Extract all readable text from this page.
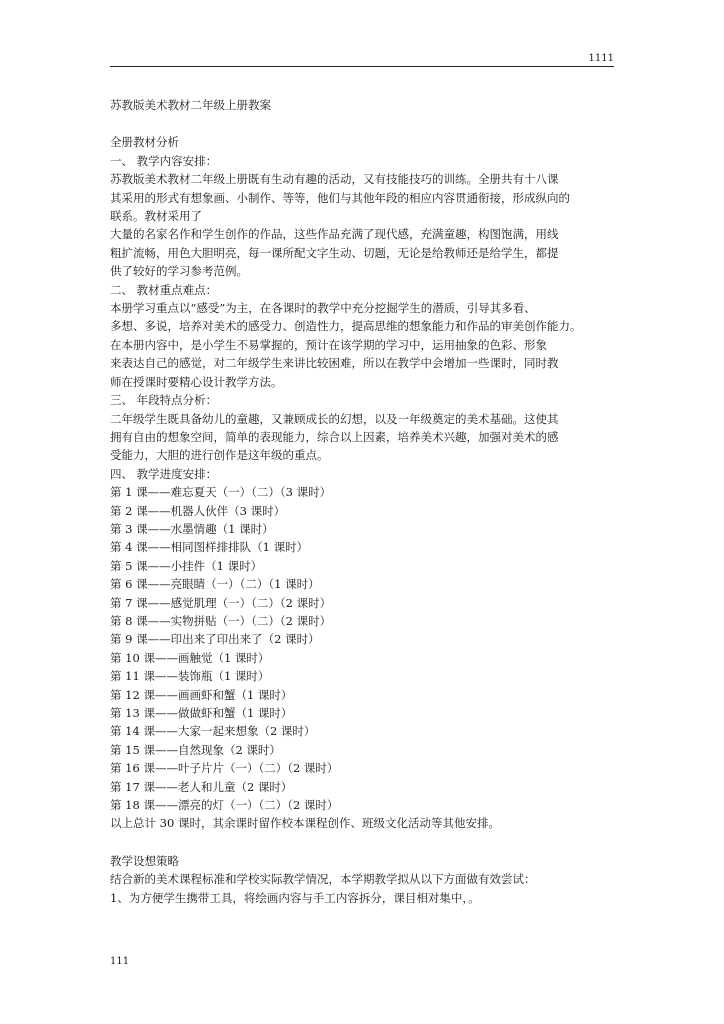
1111
苏教版美术教材二年级上册教案
全册教材分析
一、 教学内容安排：
苏教版美术教材二年级上册既有生动有趣的活动，又有技能技巧的训练。全册共有十八课
其采用的形式有想象画、小制作、等等，他们与其他年段的相应内容贯通衔接，形成纵向的
联系。教材采用了
大量的名家名作和学生创作的作品，这些作品充满了现代感，充满童趣，构图饱满，用线
粗扩流畅，用色大胆明亮，每一课所配文字生动、切题，无论是给教师还是给学生，都提
供了较好的学习参考范例。
二、 教材重点难点：
本册学习重点以“感受”为主，在各课时的教学中充分挖掘学生的潜质，引导其多看、
多想、多说，培养对美术的感受力、创造性力，提高思维的想象能力和作品的审美创作能力。
在本册内容中，是小学生不易掌握的，预计在该学期的学习中，运用抽象的色彩、形象
来表达自己的感觉，对二年级学生来讲比较困难，所以在教学中会增加一些课时，同时教
师在授课时要精心设计教学方法。
三、 年段特点分析：
二年级学生既具备幼儿的童趣，又兼顾成长的幻想，以及一年级奠定的美术基础。这使其
拥有自由的想象空间，简单的表现能力，综合以上因素，培养美术兴趣，加强对美术的感
受能力，大胆的进行创作是这年级的重点。
四、 教学进度安排：
第 1 课——难忘夏天（一）（二）（3 课时）
第 2 课——机器人伙伴（3 课时）
第 3 课——水墨情趣（1 课时）
第 4 课——相同图样排排队（1 课时）
第 5 课——小挂件（1 课时）
第 6 课——亮眼睛（一）（二）（1 课时）
第 7 课——感觉肌理（一）（二）（2 课时）
第 8 课——实物拼贴（一）（二）（2 课时）
第 9 课——印出来了印出来了（2 课时）
第 10 课——画触觉（1 课时）
第 11 课——装饰瓶（1 课时）
第 12 课——画画虾和蟹（1 课时）
第 13 课——做做虾和蟹（1 课时）
第 14 课——大家一起来想象（2 课时）
第 15 课——自然现象（2 课时）
第 16 课——叶子片片（一）（二）（2 课时）
第 17 课——老人和儿童（2 课时）
第 18 课——漂亮的灯（一）（二）（2 课时）
以上总计 30 课时，其余课时留作校本课程创作、班级文化活动等其他安排。
教学设想策略
结合新的美术课程标准和学校实际教学情况，本学期教学拟从以下方面做有效尝试：
1、为方便学生携带工具，将绘画内容与手工内容拆分，课目相对集中，。
111
